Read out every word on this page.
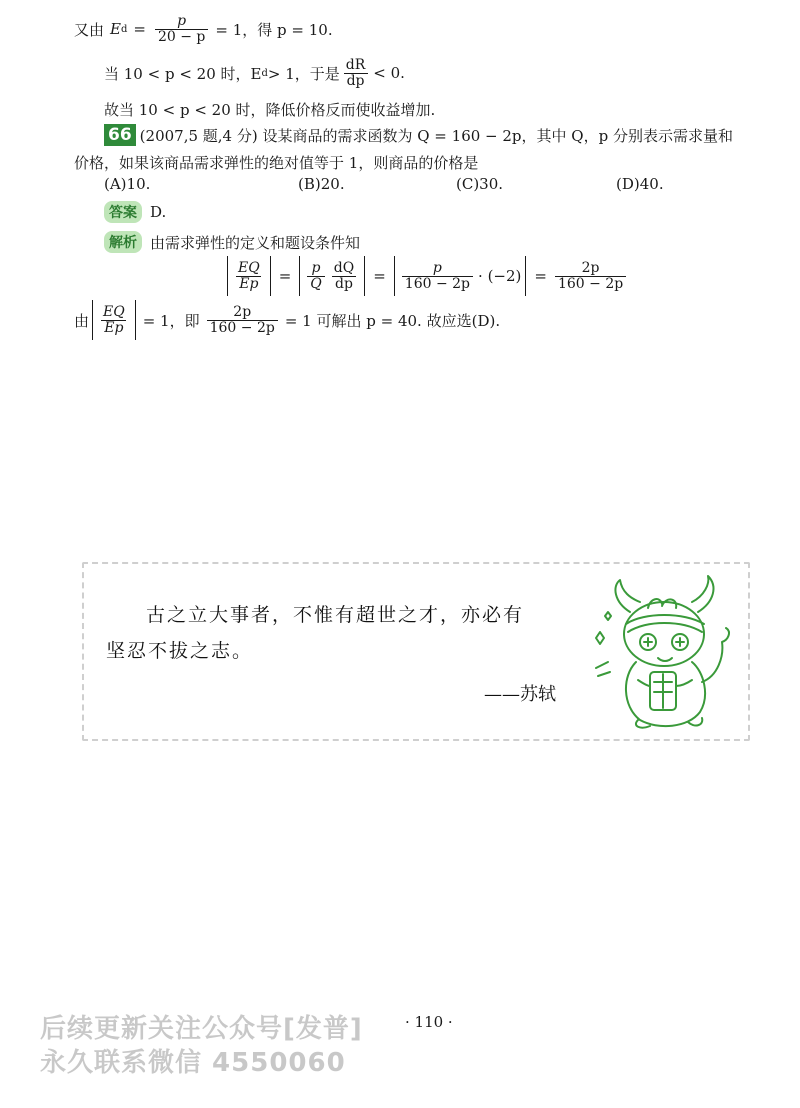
又由 E $d = \frac{p}{20 - p} = 1$，得 p = 10.
当 10 < p < 20 时，E d > 1，于是 $\frac{dR}{dp} < 0$.
故当 10 < p < 20 时，降低价格反而使收益增加.
66 (2007,5 题,4 分) 设某商品的需求函数为 Q = 160 − 2p，其中 Q，p 分别表示需求量和
价格，如果该商品需求弹性的绝对值等于 1，则商品的价格是
(A)10.	(B)20.	(C)30.	(D)40.
答案 D.
解析 由需求弹性的定义和题设条件知
$\frac{EQ}{Ep} = \frac{p}{Q} \frac{dQ}{dp} = \frac{p}{160 - 2p} \cdot (-2) = \frac{2p}{160 - 2p}$
由 $\frac{EQ}{Ep} = 1$，即 $\frac{2p}{160 - 2p} = 1$ 可解出 p = 40. 故应选(D).
古之立大事者，不惟有超世之才，亦必有
坚忍不拔之志。
——苏轼
· 110 ·
后续更新关注公众号[发普]
永久联系微信 4550060
